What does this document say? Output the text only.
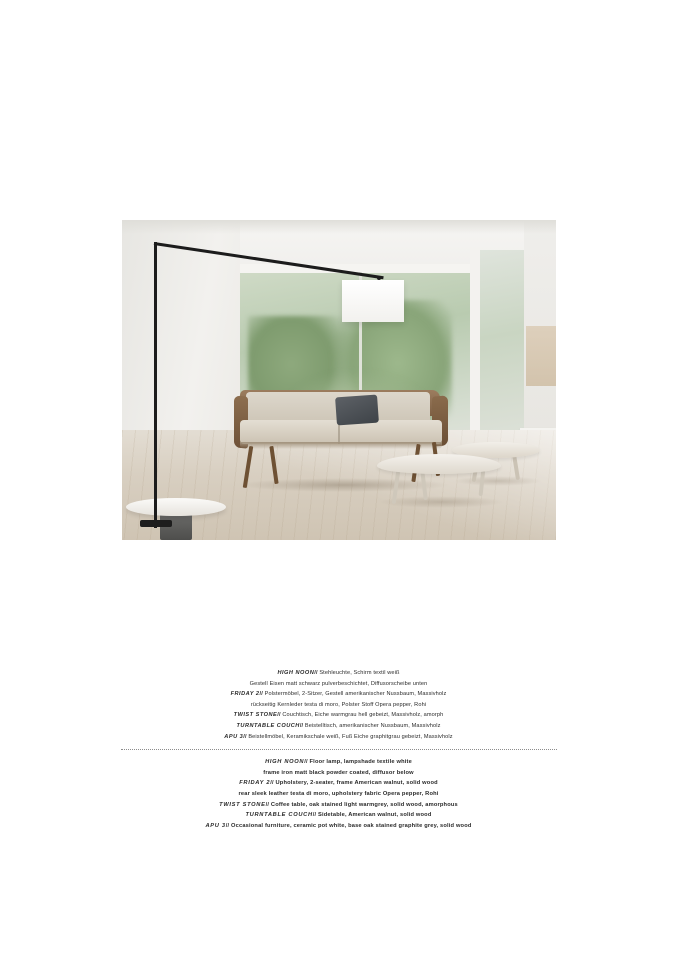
HIGH NOON// Stehleuchte, Schirm textil weiß
Gestell Eisen matt schwarz pulverbeschichtet, Diffusorscheibe unten
FRIDAY 2// Polstermöbel, 2-Sitzer, Gestell amerikanischer Nussbaum, Massivholz
rückseitig Kernleder testa di moro, Polster Stoff Opera pepper, Rohi
TWIST STONE// Couchtisch, Eiche warmgrau hell gebeizt, Massivholz, amorph
TURNTABLE COUCH// Beistelltisch, amerikanischer Nussbaum, Massivholz
APU 3// Beistellmöbel, Keramikschale weiß, Fuß Eiche graphitgrau gebeizt, Massivholz
HIGH NOON// Floor lamp, lampshade textile white
frame iron matt black powder coated, diffusor below
FRIDAY 2// Upholstery, 2-seater, frame American walnut, solid wood
rear sleek leather testa di moro, upholstery fabric Opera pepper, Rohi
TWIST STONE// Coffee table, oak stained light warmgrey, solid wood, amorphous
TURNTABLE COUCH// Sidetable, American walnut, solid wood
APU 3// Occasional furniture, ceramic pot white, base oak stained graphite grey, solid wood
